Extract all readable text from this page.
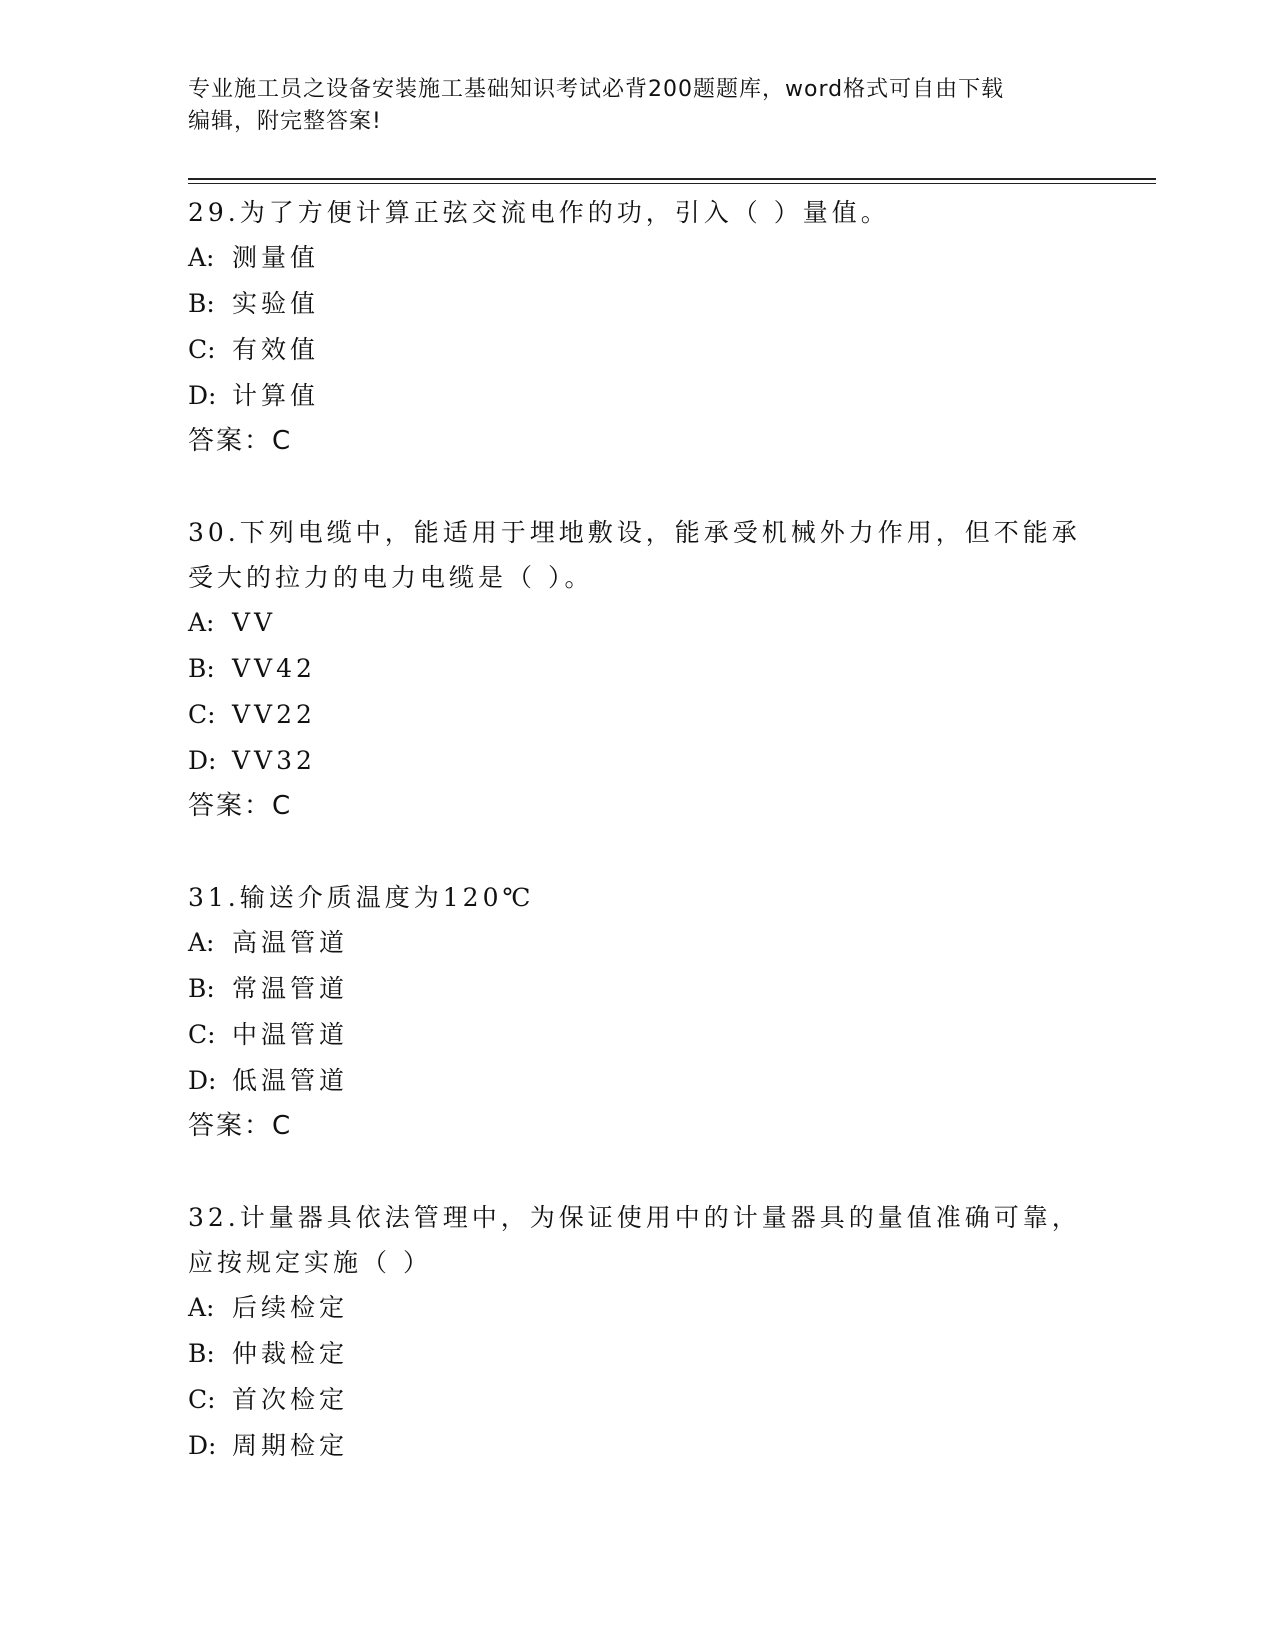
专业施工员之设备安装施工基础知识考试必背200题题库，word格式可自由下载
编辑，附完整答案!
29.为了方便计算正弦交流电作的功，引入（ ）量值。
A: 测量值
B: 实验值
C: 有效值
D: 计算值
答案：C
30.下列电缆中，能适用于埋地敷设，能承受机械外力作用，但不能承
受大的拉力的电力电缆是（ ）。
A: VV
B: VV42
C: VV22
D: VV32
答案：C
31.输送介质温度为120℃
A: 高温管道
B: 常温管道
C: 中温管道
D: 低温管道
答案：C
32.计量器具依法管理中，为保证使用中的计量器具的量值准确可靠，
应按规定实施（ ）
A: 后续检定
B: 仲裁检定
C: 首次检定
D: 周期检定
